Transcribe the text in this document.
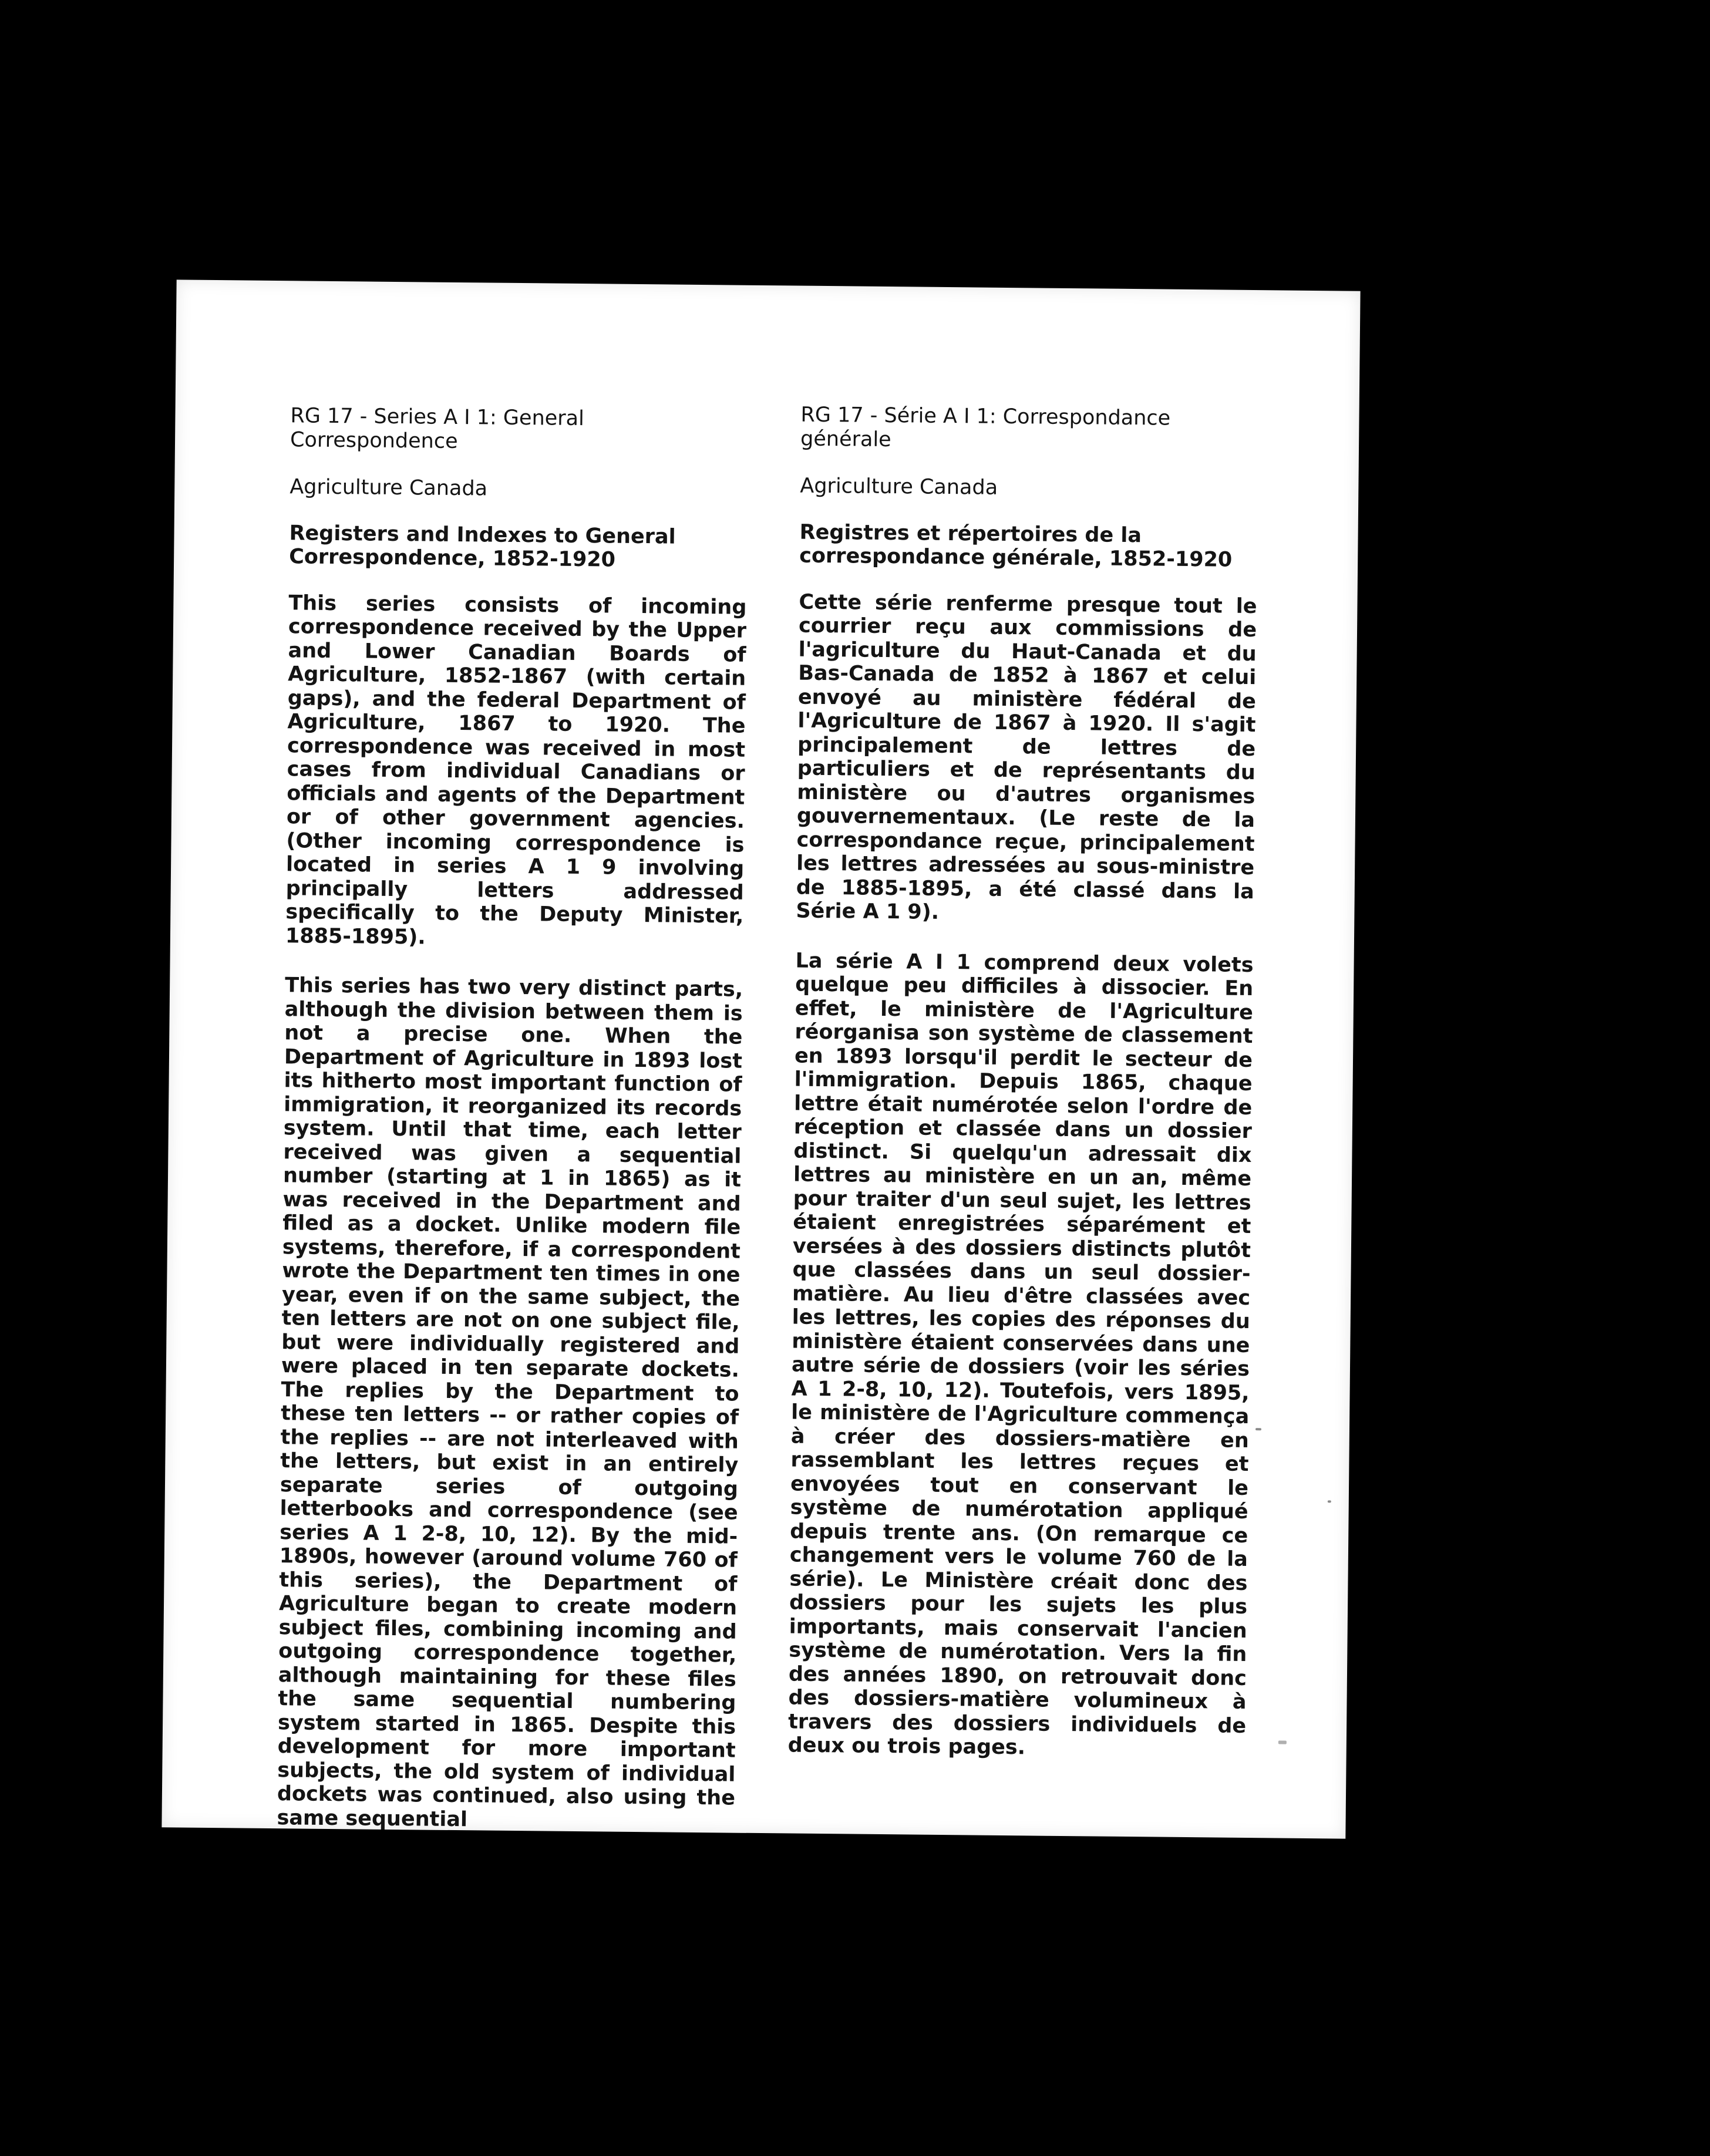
RG 17 - Series A I 1: General Correspondence

Agriculture Canada

Registers and Indexes to General Correspondence, 1852-1920

This series consists of incoming correspondence received by the Upper and Lower Canadian Boards of Agriculture, 1852-1867 (with certain gaps), and the federal Department of Agriculture, 1867 to 1920. The correspondence was received in most cases from individual Canadians or officials and agents of the Department or of other government agencies. (Other incoming correspondence is located in series A 1 9 involving principally letters addressed specifically to the Deputy Minister, 1885-1895).

This series has two very distinct parts, although the division between them is not a precise one. When the Department of Agriculture in 1893 lost its hitherto most important function of immigration, it reorganized its records system. Until that time, each letter received was given a sequential number (starting at 1 in 1865) as it was received in the Department and filed as a docket. Unlike modern file systems, therefore, if a correspondent wrote the Department ten times in one year, even if on the same subject, the ten letters are not on one subject file, but were individually registered and were placed in ten separate dockets. The replies by the Department to these ten letters -- or rather copies of the replies -- are not interleaved with the letters, but exist in an entirely separate series of outgoing letterbooks and correspondence (see series A 1 2-8, 10, 12). By the mid-1890s, however (around volume 760 of this series), the Department of Agriculture began to create modern subject files, combining incoming and outgoing correspondence together, although maintaining for these files the same sequential numbering system started in 1865. Despite this development for more important subjects, the old system of individual dockets was continued, also using the same sequential

RG 17 - Série A I 1: Correspondance générale

Agriculture Canada

Registres et répertoires de la correspondance générale, 1852-1920

Cette série renferme presque tout le courrier reçu aux commissions de l'agriculture du Haut-Canada et du Bas-Canada de 1852 à 1867 et celui envoyé au ministère fédéral de l'Agriculture de 1867 à 1920. Il s'agit principalement de lettres de particuliers et de représentants du ministère ou d'autres organismes gouvernementaux. (Le reste de la correspondance reçue, principalement les lettres adressées au sous-ministre de 1885-1895, a été classé dans la Série A 1 9).

La série A I 1 comprend deux volets quelque peu difficiles à dissocier. En effet, le ministère de l'Agriculture réorganisa son système de classement en 1893 lorsqu'il perdit le secteur de l'immigration. Depuis 1865, chaque lettre était numérotée selon l'ordre de réception et classée dans un dossier distinct. Si quelqu'un adressait dix lettres au ministère en un an, même pour traiter d'un seul sujet, les lettres étaient enregistrées séparément et versées à des dossiers distincts plutôt que classées dans un seul dossier-matière. Au lieu d'être classées avec les lettres, les copies des réponses du ministère étaient conservées dans une autre série de dossiers (voir les séries A 1 2-8, 10, 12). Toutefois, vers 1895, le ministère de l'Agriculture commença à créer des dossiers-matière en rassemblant les lettres reçues et envoyées tout en conservant le système de numérotation appliqué depuis trente ans. (On remarque ce changement vers le volume 760 de la série). Le Ministère créait donc des dossiers pour les sujets les plus importants, mais conservait l'ancien système de numérotation. Vers la fin des années 1890, on retrouvait donc des dossiers-matière volumineux à travers des dossiers individuels de deux ou trois pages.
